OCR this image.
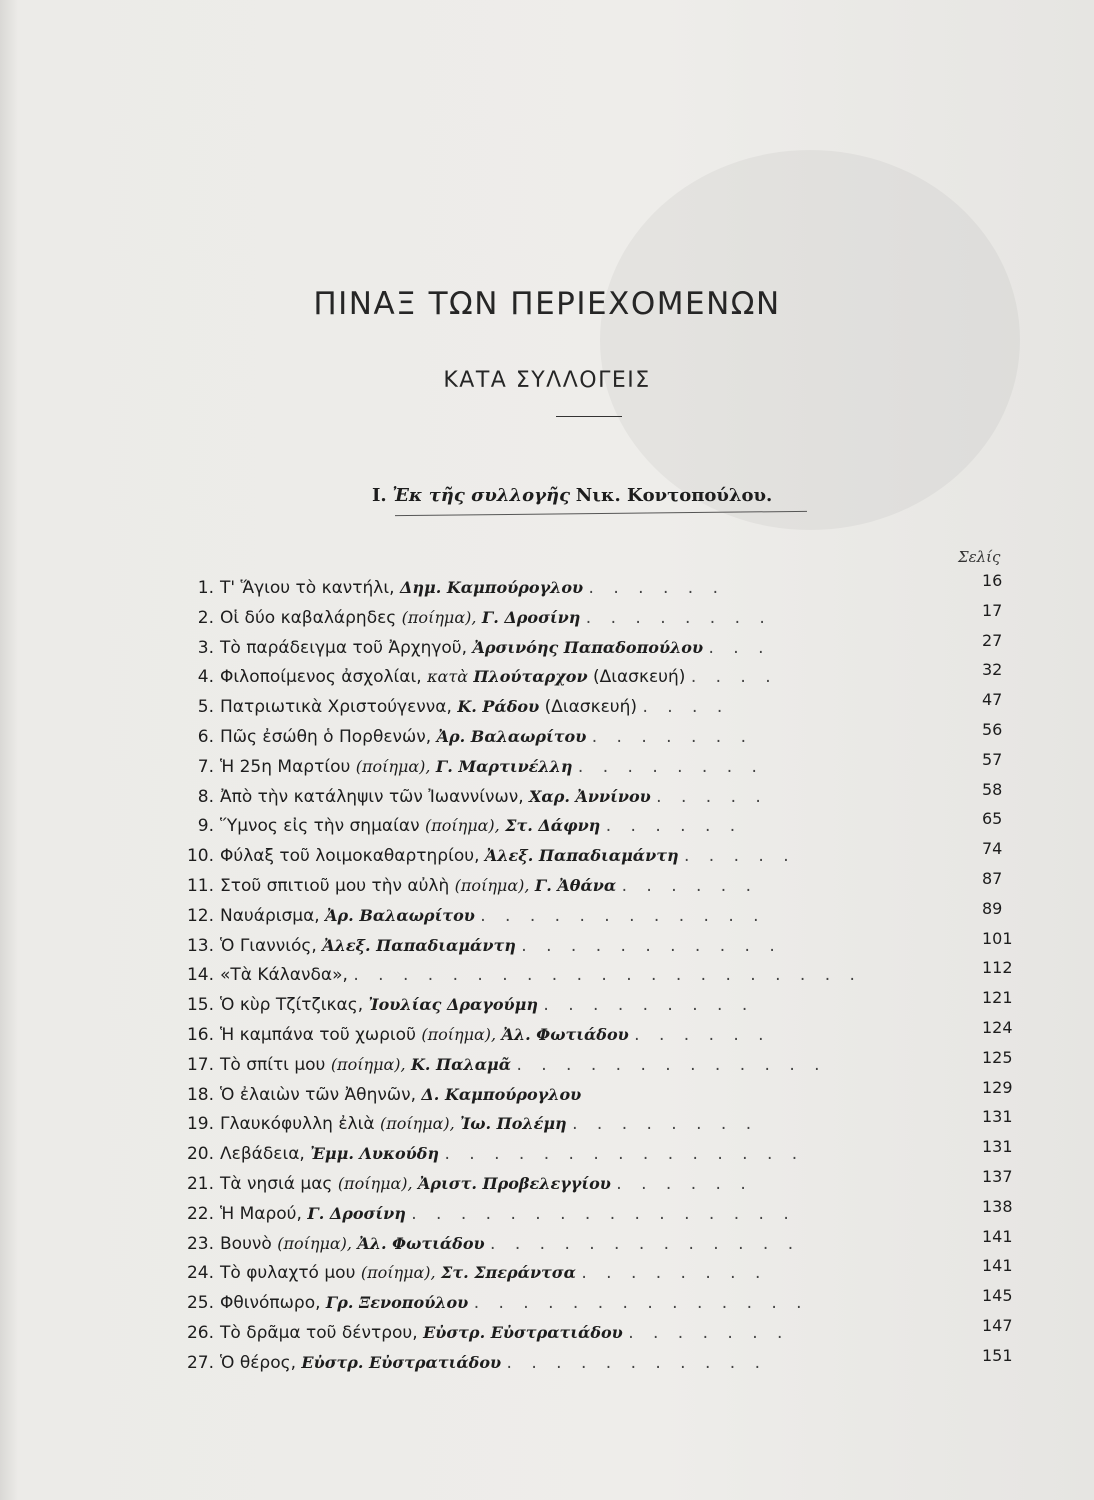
ΠΙΝΑΞ ΤΩΝ ΠΕΡΙΕΧΟΜΕΝΩΝ
ΚΑΤΑ ΣΥΛΛΟΓΕΙΣ
I. Ἐκ τῆς συλλογῆς Νικ. Κοντοπούλου.
Σελίς
1. Τ' Ἅγιου τὸ καντήλι, Δημ. Καμπούρογλου . . . . . .	16
2. Οἱ δύο καβαλάρηδες (ποίημα), Γ. Δροσίνη . . . . . . . .	17
3. Τὸ παράδειγμα τοῦ Ἀρχηγοῦ, Ἀρσινόης Παπαδοπούλου . . .	27
4. Φιλοποίμενος ἀσχολίαι, κατὰ Πλούταρχον (Διασκευή) . . . .	32
5. Πατριωτικὰ Χριστούγεννα, Κ. Ράδου (Διασκευή) . . . .	47
6. Πῶς ἐσώθη ὁ Πορθενών, Ἀρ. Βαλαωρίτου . . . . . . .	56
7. Ἡ 25η Μαρτίου (ποίημα), Γ. Μαρτινέλλη . . . . . . . .	57
8. Ἀπὸ τὴν κατάληψιν τῶν Ἰωαννίνων, Χαρ. Ἀννίνου . . . . .	58
9. Ὕμνος εἰς τὴν σημαίαν (ποίημα), Στ. Δάφνη . . . . . .	65
10. Φύλαξ τοῦ λοιμοκαθαρτηρίου, Ἀλεξ. Παπαδιαμάντη . . . . .	74
11. Στοῦ σπιτιοῦ μου τὴν αὐλὴ (ποίημα), Γ. Ἀθάνα . . . . . .	87
12. Ναυάρισμα, Ἀρ. Βαλαωρίτου . . . . . . . . . . . .	89
13. Ὁ Γιαννιός, Ἀλεξ. Παπαδιαμάντη . . . . . . . . . . .	101
14. «Τὰ Κάλανδα», . . . . . . . . . . . . . . . . . . . . .	112
15. Ὁ κὺρ Τζίτζικας, Ἰουλίας Δραγούμη . . . . . . . . .	121
16. Ἡ καμπάνα τοῦ χωριοῦ (ποίημα), Ἀλ. Φωτιάδου . . . . . .	124
17. Τὸ σπίτι μου (ποίημα), Κ. Παλαμᾶ . . . . . . . . . . . . .	125
18. Ὁ ἐλαιὼν τῶν Ἀθηνῶν, Δ. Καμπούρογλου	129
19. Γλαυκόφυλλη ἐλιὰ (ποίημα), Ἰω. Πολέμη . . . . . . . .	131
20. Λεβάδεια, Ἐμμ. Λυκούδη . . . . . . . . . . . . . . .	131
21. Τὰ νησιά μας (ποίημα), Ἀριστ. Προβελεγγίου . . . . . .	137
22. Ἡ Μαρού, Γ. Δροσίνη . . . . . . . . . . . . . . . .	138
23. Βουνὸ (ποίημα), Ἀλ. Φωτιάδου . . . . . . . . . . . . .	141
24. Τὸ φυλαχτό μου (ποίημα), Στ. Σπεράντσα . . . . . . . .	141
25. Φθινόπωρο, Γρ. Ξενοπούλου . . . . . . . . . . . . . .	145
26. Τὸ δρᾶμα τοῦ δέντρου, Εὐστρ. Εὐστρατιάδου . . . . . . .	147
27. Ὁ θέρος, Εὐστρ. Εὐστρατιάδου . . . . . . . . . . .	151
